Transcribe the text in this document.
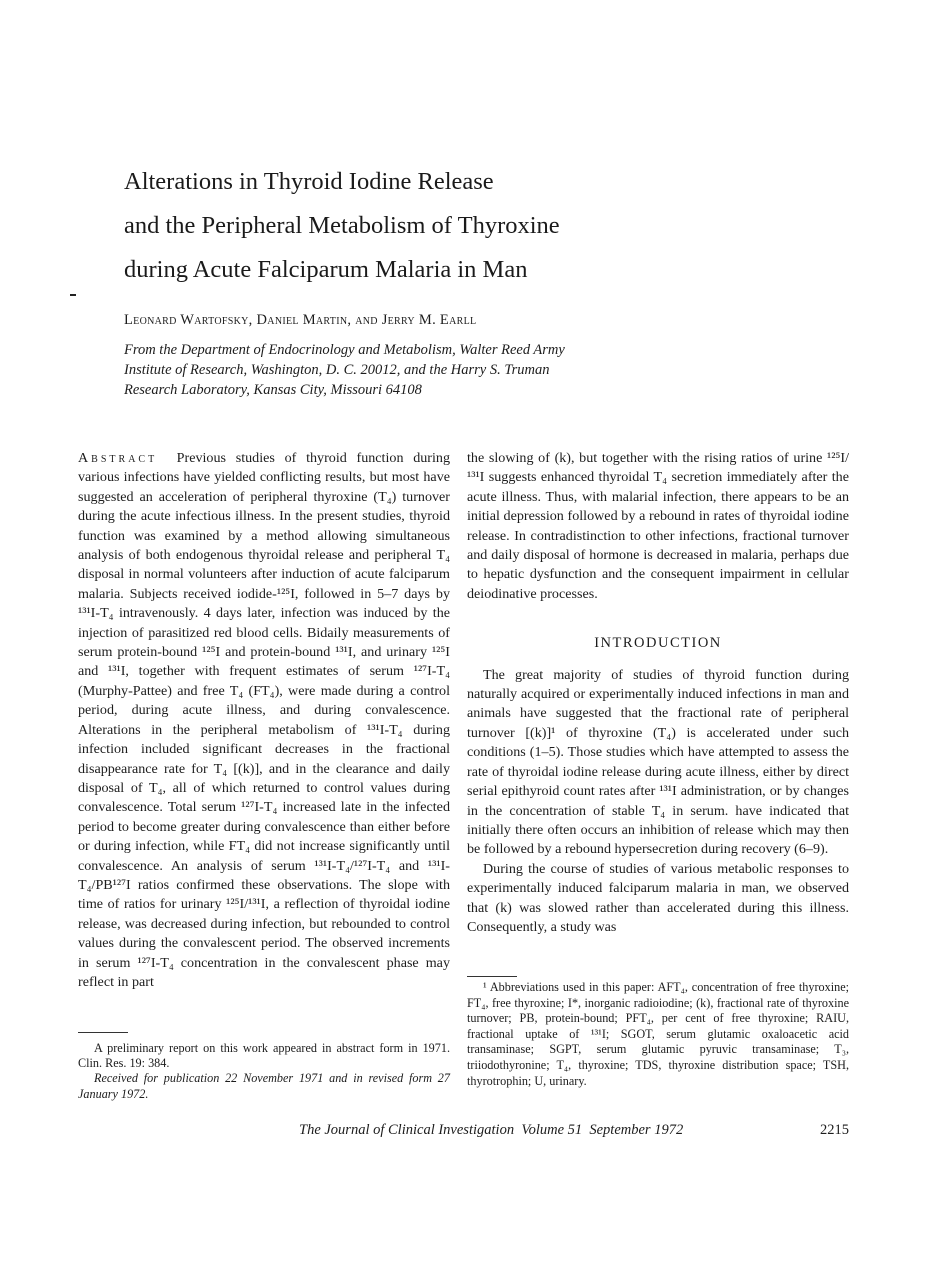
Alterations in Thyroid Iodine Release
and the Peripheral Metabolism of Thyroxine
during Acute Falciparum Malaria in Man
Leonard Wartofsky, Daniel Martin, and Jerry M. Earll
From the Department of Endocrinology and Metabolism, Walter Reed Army
Institute of Research, Washington, D. C. 20012, and the Harry S. Truman
Research Laboratory, Kansas City, Missouri 64108

Abstract Previous studies of thyroid function during various infections have yielded conflicting results, but most have suggested an acceleration of peripheral thyroxine (T₄) turnover during the acute infectious illness. In the present studies, thyroid function was examined by a method allowing simultaneous analysis of both endogenous thyroidal release and peripheral T₄ disposal in normal volunteers after induction of acute falciparum malaria. Subjects received iodide-¹²⁵I, followed in 5–7 days by ¹³¹I-T₄ intravenously. 4 days later, infection was induced by the injection of parasitized red blood cells. Bidaily measurements of serum protein-bound ¹²⁵I and protein-bound ¹³¹I, and urinary ¹²⁵I and ¹³¹I, together with frequent estimates of serum ¹²⁷I-T₄ (Murphy-Pattee) and free T₄ (FT₄), were made during a control period, during acute illness, and during convalescence. Alterations in the peripheral metabolism of ¹³¹I-T₄ during infection included significant decreases in the fractional disappearance rate for T₄ [(k)], and in the clearance and daily disposal of T₄, all of which returned to control values during convalescence. Total serum ¹²⁷I-T₄ increased late in the infected period to become greater during convalescence than either before or during infection, while FT₄ did not increase significantly until convalescence. An analysis of serum ¹³¹I-T₄/¹²⁷I-T₄ and ¹³¹I-T₄/PB¹²⁷I ratios confirmed these observations. The slope with time of ratios for urinary ¹²⁵I/¹³¹I, a reflection of thyroidal iodine release, was decreased during infection, but rebounded to control values during the convalescent period. The observed increments in serum ¹²⁷I-T₄ concentration in the convalescent phase may reflect in part

the slowing of (k), but together with the rising ratios of urine ¹²⁵I/¹³¹I suggests enhanced thyroidal T₄ secretion immediately after the acute illness. Thus, with malarial infection, there appears to be an initial depression followed by a rebound in rates of thyroidal iodine release. In contradistinction to other infections, fractional turnover and daily disposal of hormone is decreased in malaria, perhaps due to hepatic dysfunction and the consequent impairment in cellular deiodinative processes.

INTRODUCTION

The great majority of studies of thyroid function during naturally acquired or experimentally induced infections in man and animals have suggested that the fractional rate of peripheral turnover [(k)]¹ of thyroxine (T₄) is accelerated under such conditions (1–5). Those studies which have attempted to assess the rate of thyroidal iodine release during acute illness, either by direct serial epithyroid count rates after ¹³¹I administration, or by changes in the concentration of stable T₄ in serum. have indicated that initially there often occurs an inhibition of release which may then be followed by a rebound hypersecretion during recovery (6–9).

During the course of studies of various metabolic responses to experimentally induced falciparum malaria in man, we observed that (k) was slowed rather than accelerated during this illness. Consequently, a study was

A preliminary report on this work appeared in abstract form in 1971. Clin. Res. 19: 384.

Received for publication 22 November 1971 and in revised form 27 January 1972.

¹ Abbreviations used in this paper: AFT₄, concentration of free thyroxine; FT₄, free thyroxine; I*, inorganic radioiodine; (k), fractional rate of thyroxine turnover; PB, protein-bound; PFT₄, per cent of free thyroxine; RAIU, fractional uptake of ¹³¹I; SGOT, serum glutamic oxaloacetic acid transaminase; SGPT, serum glutamic pyruvic transaminase; T₃, triiodothyronine; T₄, thyroxine; TDS, thyroxine distribution space; TSH, thyrotrophin; U, urinary.

The Journal of Clinical Investigation  Volume 51  September 1972	2215
